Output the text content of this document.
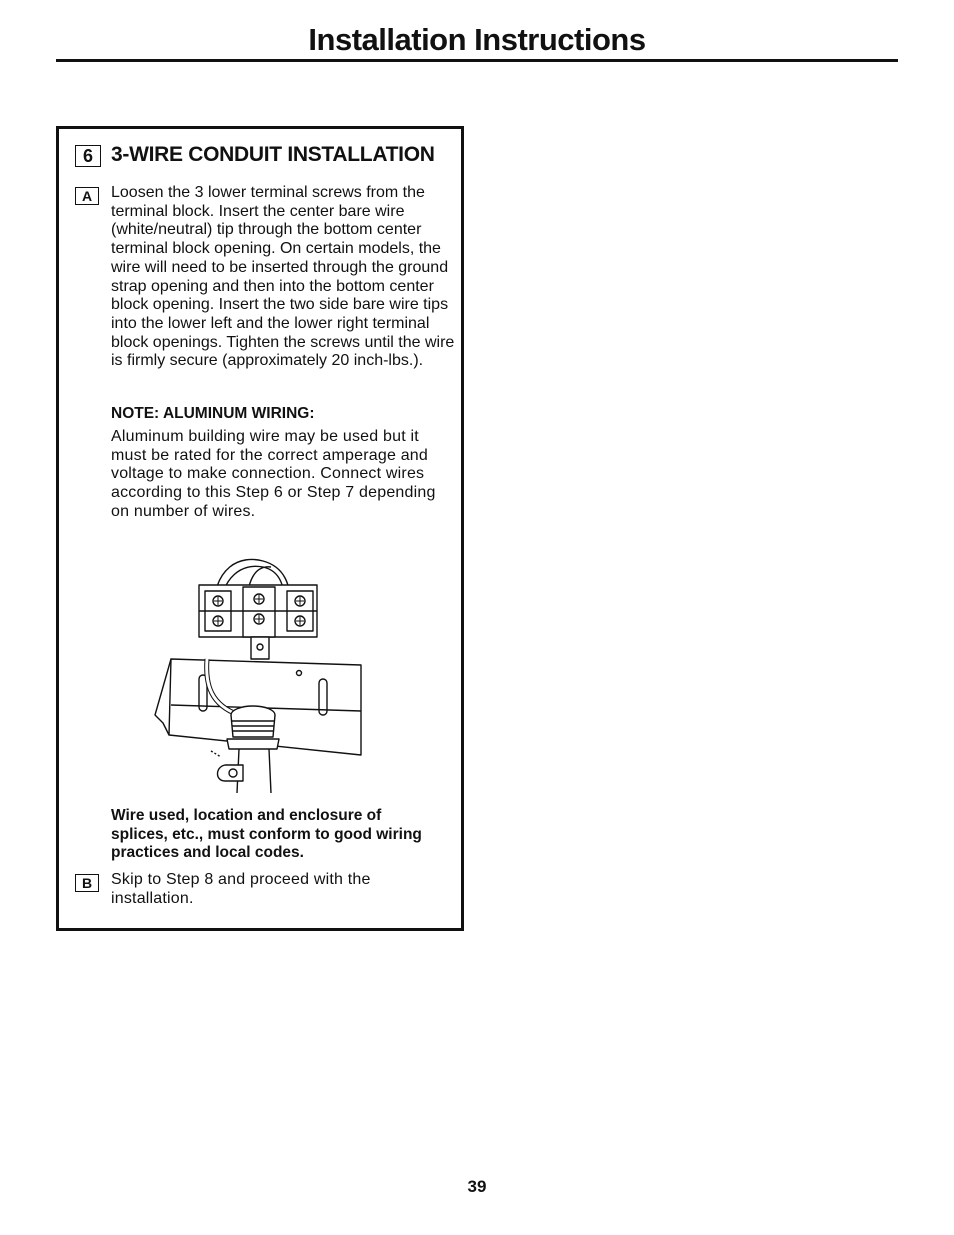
Installation Instructions
6 3-WIRE CONDUIT INSTALLATION
A	Loosen the 3 lower terminal screws from the terminal block. Insert the center bare wire (white/neutral) tip through the bottom center terminal block opening. On certain models, the wire will need to be inserted through the ground strap opening and then into the bottom center block opening. Insert the two side bare wire tips into the lower left and the lower right terminal block openings. Tighten the screws until the wire is firmly secure (approximately 20 inch-lbs.).

NOTE: ALUMINUM WIRING:

Aluminum building wire may be used but it must be rated for the correct amperage and voltage to make connection. Connect wires according to this Step 6 or Step 7 depending on number of wires.

Wire used, location and enclosure of splices, etc., must conform to good wiring practices and local codes.

B	Skip to Step 8 and proceed with the installation.

39
